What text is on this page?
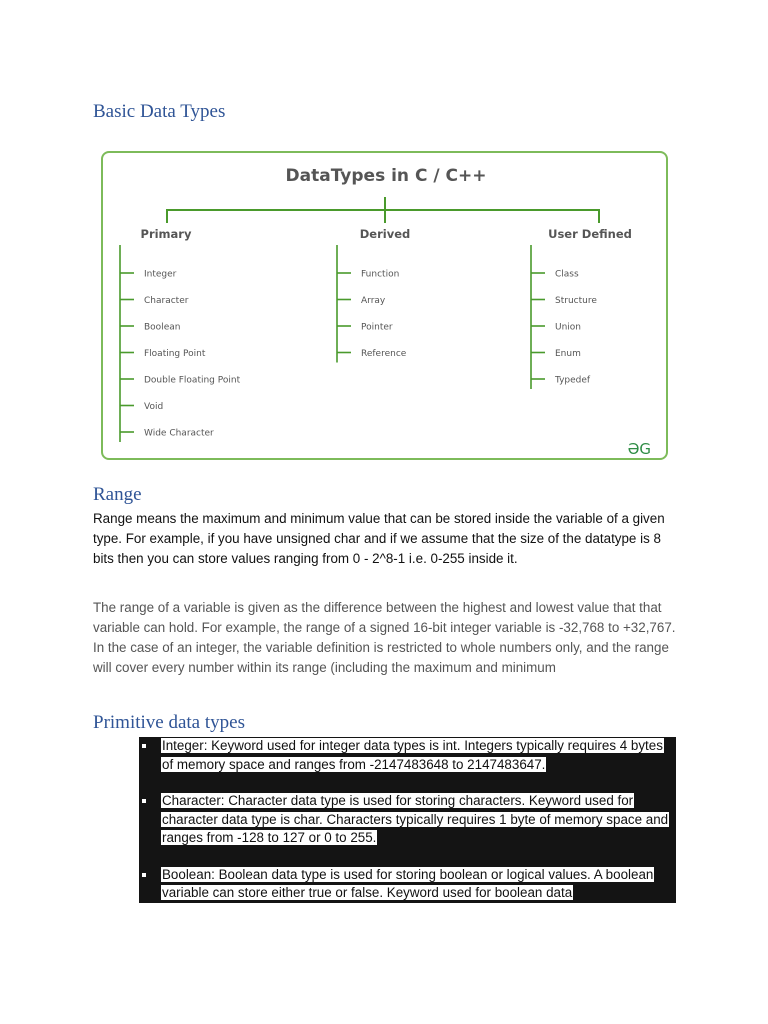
Basic Data Types
DataTypes in C / C++
Primary
Integer
Character
Boolean
Floating Point
Double Floating Point
Void
Wide Character
Derived
Function
Array
Pointer
Reference
User Defined
Class
Structure
Union
Enum
Typedef
ƏG
Range

Range means the maximum and minimum value that can be stored inside the variable of a given type. For example, if you have unsigned char and if we assume that the size of the datatype is 8 bits then you can store values ranging from 0 - 2^8-1 i.e. 0-255 inside it.

The range of a variable is given as the difference between the highest and lowest value that that variable can hold. For example, the range of a signed 16-bit integer variable is -32,768 to +32,767. In the case of an integer, the variable definition is restricted to whole numbers only, and the range will cover every number within its range (including the maximum and minimum

Primitive data types

Integer: Keyword used for integer data types is int. Integers typically requires 4 bytes of memory space and ranges from -2147483648 to 2147483647.

Character: Character data type is used for storing characters. Keyword used for character data type is char. Characters typically requires 1 byte of memory space and ranges from -128 to 127 or 0 to 255.

Boolean: Boolean data type is used for storing boolean or logical values. A boolean variable can store either true or false. Keyword used for boolean data
